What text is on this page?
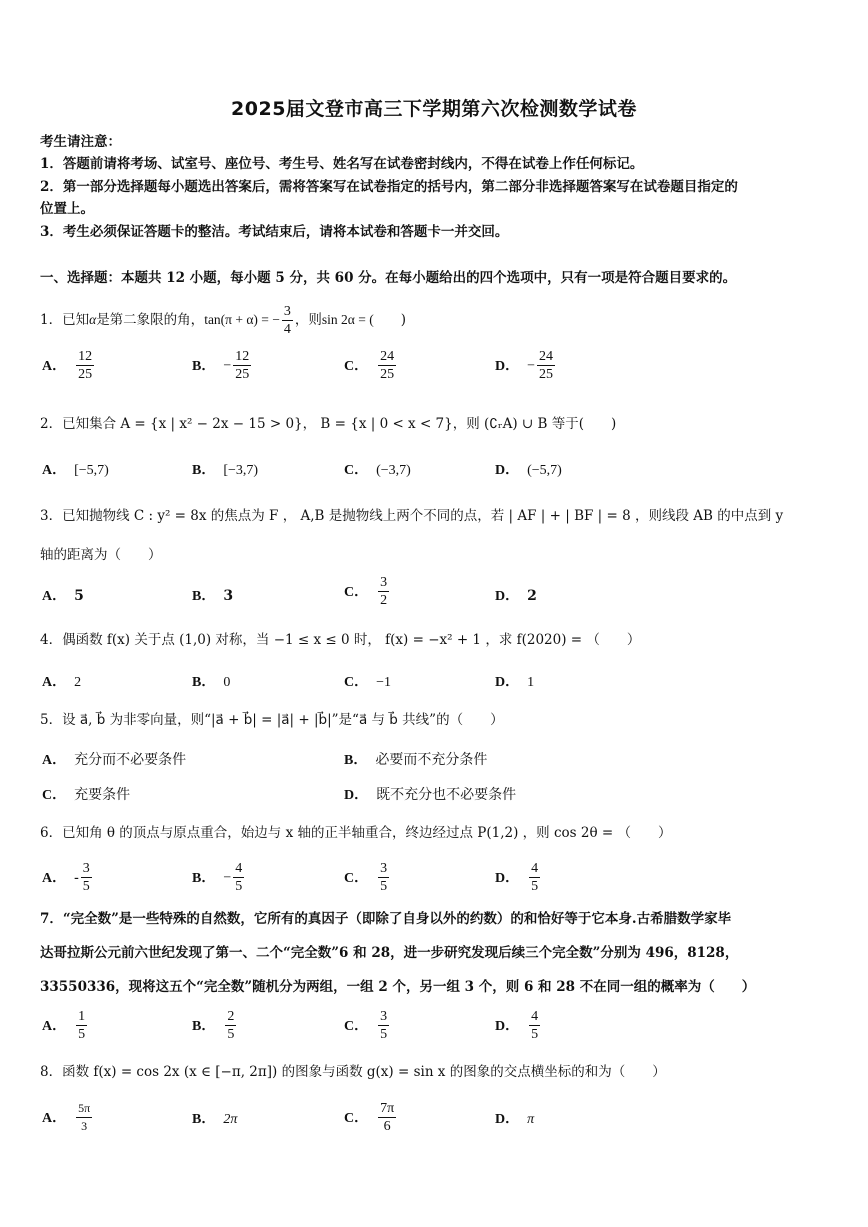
2025届文登市高三下学期第六次检测数学试卷
考生请注意：
1．答题前请将考场、试室号、座位号、考生号、姓名写在试卷密封线内，不得在试卷上作任何标记。
2．第一部分选择题每小题选出答案后，需将答案写在试卷指定的括号内，第二部分非选择题答案写在试卷题目指定的
位置上。
3．考生必须保证答题卡的整洁。考试结束后，请将本试卷和答题卡一并交回。
一、选择题：本题共 12 小题，每小题 5 分，共 60 分。在每小题给出的四个选项中，只有一项是符合题目要求的。
1．已知α是第二象限的角，tan(π + α) = − $\frac{3}{4}$ ，则sin 2α = (　　)
A． $\frac{12}{25}$	B． − $\frac{12}{25}$	C． $\frac{24}{25}$	D． − $\frac{24}{25}$
2．已知集合 A = {x | x² − 2x − 15 > 0}， B = {x | 0 < x < 7}，则 (∁ᵣA) ∪ B 等于(　　)
A． [−5,7)	B． [−3,7)	C． (−3,7)	D． (−5,7)
3．已知抛物线 C : y² = 8x 的焦点为 F ， A,B 是抛物线上两个不同的点，若 | AF | + | BF | = 8 ，则线段 AB 的中点到 y
轴的距离为（　　）
A． 5	B． 3	C． $\frac{3}{2}$	D． 2
4．偶函数 f(x) 关于点 (1,0) 对称，当 −1 ≤ x ≤ 0 时， f(x) = −x² + 1 ，求 f(2020) = （　　）
A． 2	B． 0	C． −1	D． 1
5．设 a⃗, b⃗ 为非零向量，则“|a⃗ + b⃗| = |a⃗| + |b⃗|”是“a⃗ 与 b⃗ 共线”的（　　）
A． 充分而不必要条件	B． 必要而不充分条件
C． 充要条件	D． 既不充分也不必要条件
6．已知角 θ 的顶点与原点重合，始边与 x 轴的正半轴重合，终边经过点 P(1,2) ，则 cos 2θ = （　　）
A． - $\frac{3}{5}$	B． − $\frac{4}{5}$	C． $\frac{3}{5}$	D． $\frac{4}{5}$
7．“完全数”是一些特殊的自然数，它所有的真因子（即除了自身以外的约数）的和恰好等于它本身.古希腊数学家毕
达哥拉斯公元前六世纪发现了第一、二个“完全数”6 和 28，进一步研究发现后续三个完全数”分别为 496，8128，
33550336，现将这五个“完全数”随机分为两组，一组 2 个，另一组 3 个，则 6 和 28 不在同一组的概率为（　　）
A． $\frac{1}{5}$	B． $\frac{2}{5}$	C． $\frac{3}{5}$	D． $\frac{4}{5}$
8．函数 f(x) = cos 2x (x ∈ [−π, 2π]) 的图象与函数 g(x) = sin x 的图象的交点横坐标的和为（　　）
A． $\frac{5\pi}{3}$	B． 2π	C． $\frac{7\pi}{6}$	D． π
